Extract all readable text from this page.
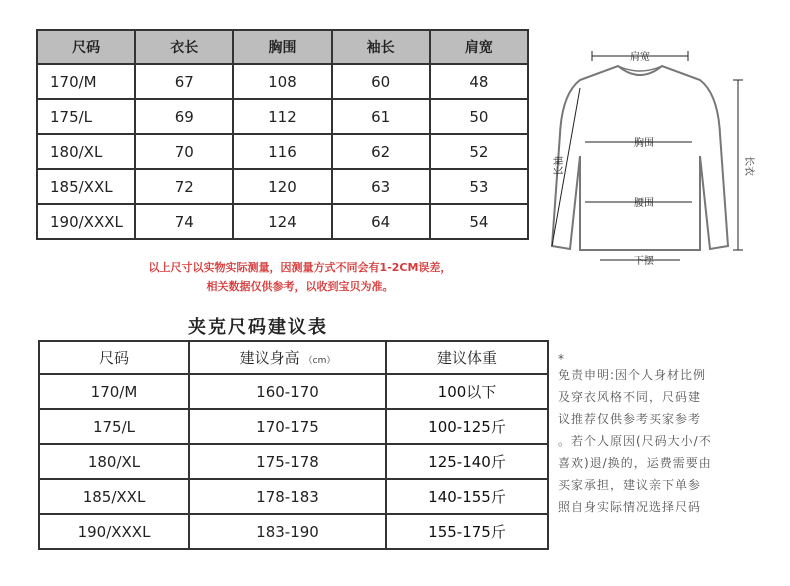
尺码	衣长	胸围	袖长	肩宽
170/M	67	108	60	48
175/L	69	112	61	50
180/XL	70	116	62	52
185/XXL	72	120	63	53
190/XXXL	74	124	64	54
肩宽
胸围
腰围
下摆
长袖	长衣
以上尺寸以实物实际测量，因测量方式不同会有1-2CM误差，
相关数据仅供参考，以收到宝贝为准。
夹克尺码建议表
尺码	建议身高 （cm）	建议体重
170/M	160-170	100以下
175/L	170-175	100-125斤
180/XL	175-178	125-140斤
185/XXL	178-183	140-155斤
190/XXXL	183-190	155-175斤
*
免责申明:因个人身材比例
及穿衣风格不同，尺码建
议推荐仅供参考买家参考
。若个人原因(尺码大小/不
喜欢)退/换的，运费需要由
买家承担，建议亲下单参
照自身实际情况选择尺码
